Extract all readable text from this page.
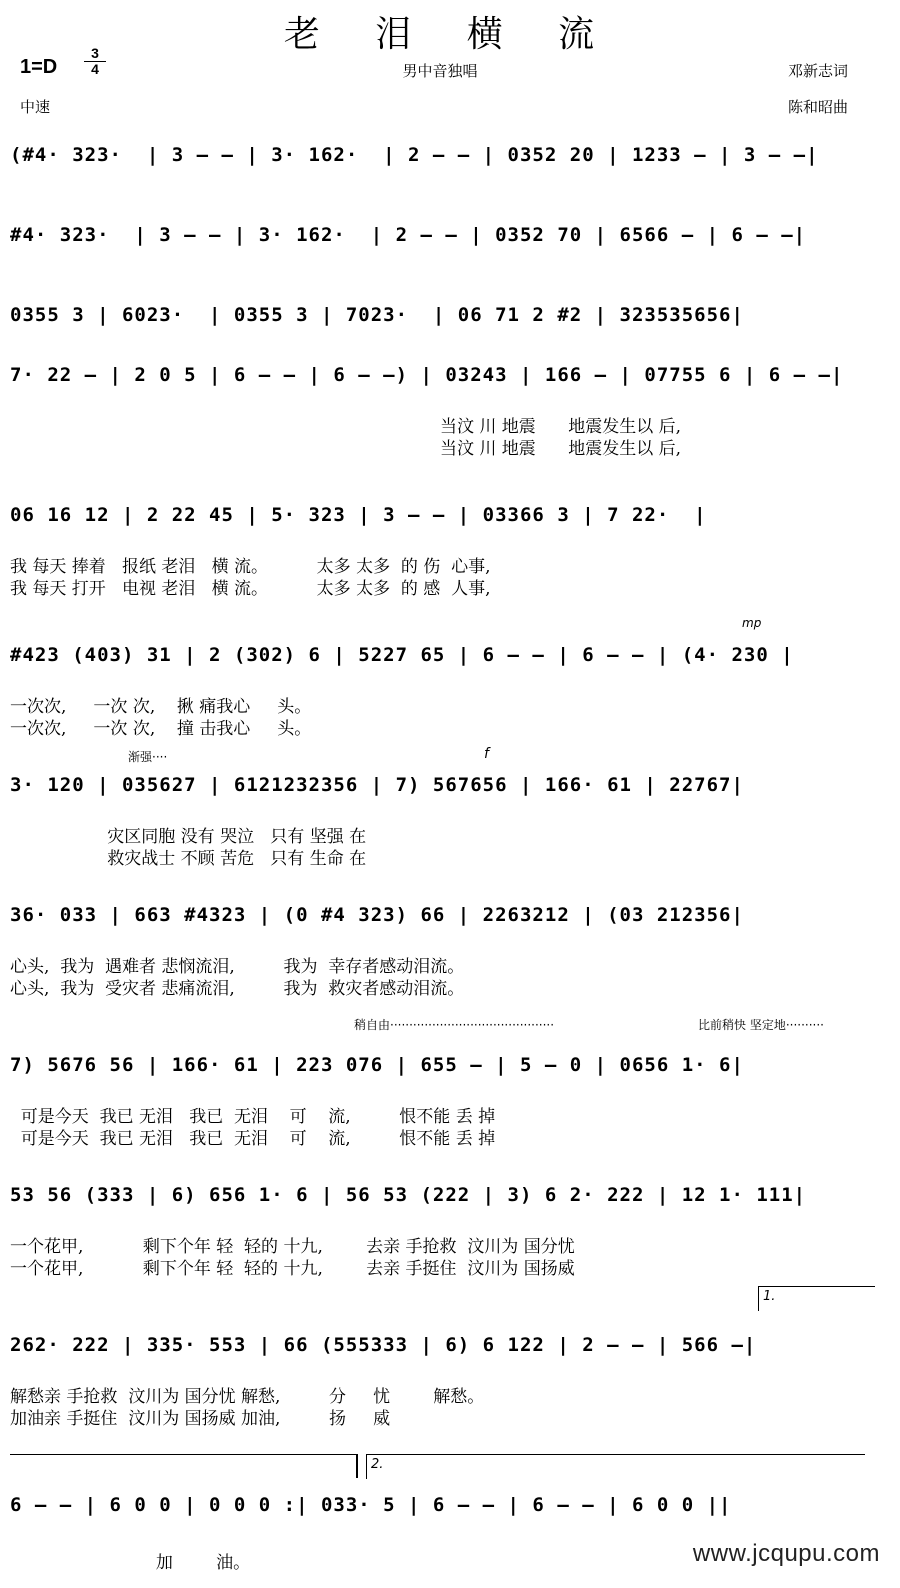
老 泪 横 流
1=D
3
4	男中音独唱	邓新志词
中速	陈和昭曲
(#4· 323·  | 3 — — | 3· 162·  | 2 — — | 0352 20 | 1233 — | 3 — —|
#4· 323·  | 3 — — | 3· 162·  | 2 — — | 0352 70 | 6566 — | 6 — —|
0355 3 | 6023·  | 0355 3 | 7023·  | 06 71 2 #2 | 323535656|
7· 22 — | 2 0 5 | 6 — — | 6 — —) | 03243 | 166 — | 07755 6 | 6 — —|
当汶 川 地震      地震发生以 后,
当汶 川 地震      地震发生以 后,
06 16 12 | 2 22 45 | 5· 323 | 3 — — | 03366 3 | 7 22·  |
我 每天 捧着   报纸 老泪   横 流。         太多 太多  的 伤  心事,
我 每天 打开   电视 老泪   横 流。         太多 太多  的 感  人事,
mp
#423 (403) 31 | 2 (302) 6 | 5227 65 | 6 — — | 6 — — | (4· 230 |
一次次,     一次 次,    揪 痛我心     头。
一次次,     一次 次,    撞 击我心     头。
渐强····	f
3· 120 | 035627 | 6121232356 | 7) 567656 | 166· 61 | 22767|
灾区同胞 没有 哭泣   只有 坚强 在
救灾战士 不顾 苦危   只有 生命 在
36· 033 | 663 #4323 | (0 #4 323) 66 | 2263212 | (03 212356|
心头,  我为  遇难者 悲悯流泪,         我为  幸存者感动泪流。
心头,  我为  受灾者 悲痛流泪,         我为  救灾者感动泪流。
稍自由···········································	比前稍快 坚定地··········
7) 5676 56 | 166· 61 | 223 076 | 655 — | 5 — 0 | 0656 1· 6|
可是今天  我已 无泪   我已  无泪    可    流,         恨不能 丢 掉
可是今天  我已 无泪   我已  无泪    可    流,         恨不能 丢 掉
53 56 (333 | 6) 656 1· 6 | 56 53 (222 | 3) 6 2· 222 | 12 1· 111|
一个花甲,           剩下个年 轻  轻的 十九,        去亲 手抢救  汶川为 国分忧
一个花甲,           剩下个年 轻  轻的 十九,        去亲 手挺住  汶川为 国扬威
1.
262· 222 | 335· 553 | 66 (555333 | 6) 6 122 | 2 — — | 566 —|
解愁亲 手抢救  汶川为 国分忧 解愁,         分     忧        解愁。
加油亲 手挺住  汶川为 国扬威 加油,         扬     威
2.
6 — — | 6 0 0 | 0 0 0 :| 033· 5 | 6 — — | 6 — — | 6 0 0 ||
加        油。	www.jcqupu.com
